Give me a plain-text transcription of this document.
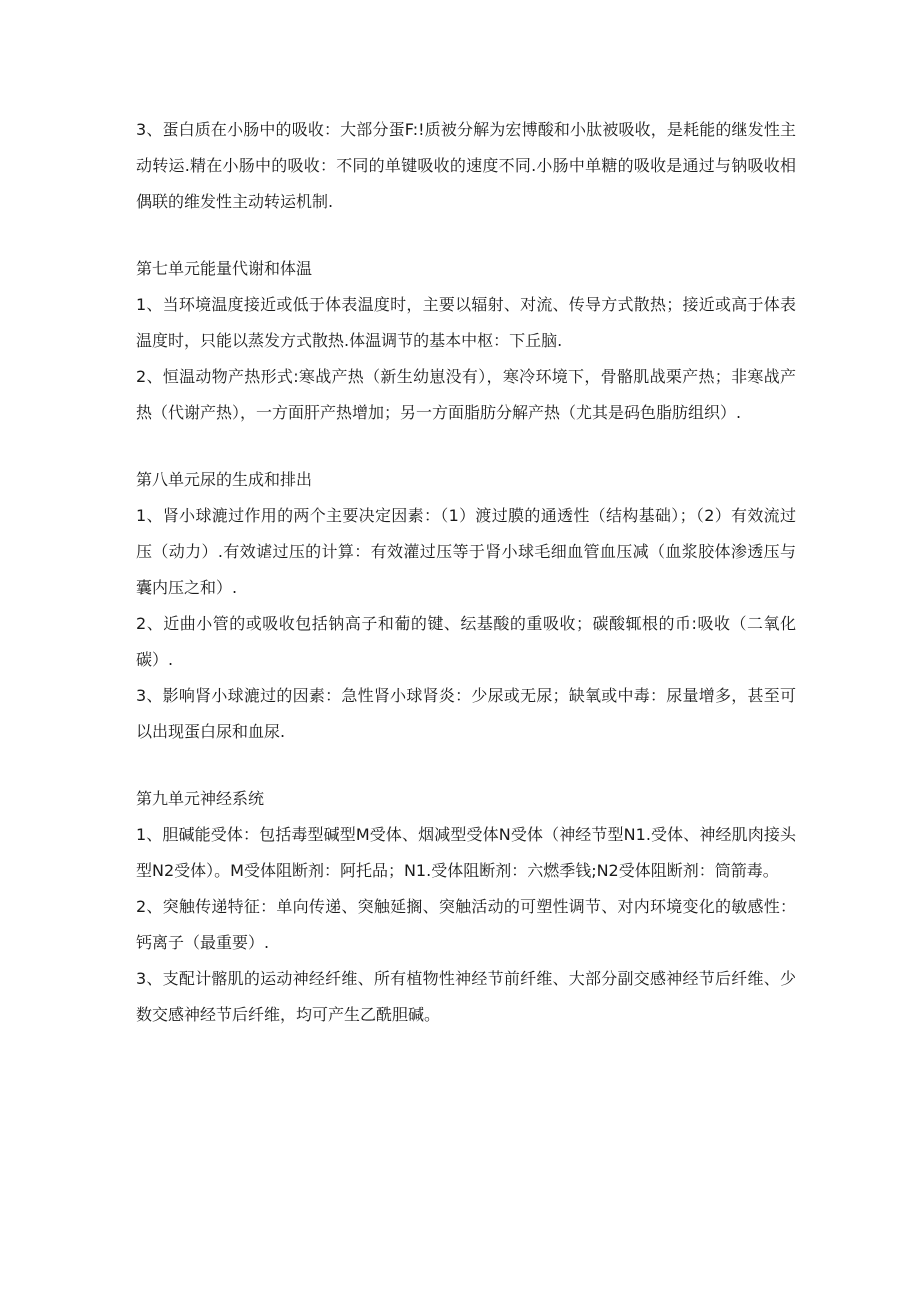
3、蛋白质在小肠中的吸收：大部分蛋F:!质被分解为宏博酸和小肽被吸收，是耗能的继发性主动转运.精在小肠中的吸收：不同的单键吸收的速度不同.小肠中单糖的吸收是通过与钠吸收相偶联的维发性主动转运机制.

第七单元能量代谢和体温

1、当环境温度接近或低于体表温度时，主要以辐射、对流、传导方式散热；接近或高于体表温度时，只能以蒸发方式散热.体温调节的基本中枢：下丘脑.

2、恒温动物产热形式:寒战产热（新生幼崽没有），寒冷环境下，骨骼肌战栗产热；非寒战产热（代谢产热），一方面肝产热增加；另一方面脂肪分解产热（尤其是码色脂肪组织）.

第八单元尿的生成和排出

1、肾小球漉过作用的两个主要决定因素：（1）渡过膜的通透性（结构基础）；（2）有效流过压（动力）.有效谑过压的计算：有效灌过压等于肾小球毛细血管血压减（血浆胶体渗透压与囊内压之和）.

2、近曲小管的或吸收包括钠高子和葡的键、纭基酸的重吸收；碳酸辄根的币:吸收（二氧化碳）.

3、影响肾小球漉过的因素：急性肾小球肾炎：少尿或无尿；缺氧或中毒：尿量增多，甚至可以出现蛋白尿和血尿.

第九单元神经系统

1、胆碱能受体：包括毒型碱型M受体、烟减型受体N受体（神经节型N1.受体、神经肌肉接头型N2受体）。M受体阻断剂：阿托品；N1.受体阻断剂：六燃季钱;N2受体阻断剂：筒箭毒。

2、突触传递特征：单向传递、突触延搁、突触活动的可塑性调节、对内环境变化的敏感性：钙离子（最重要）.

3、支配计髂肌的运动神经纤维、所有植物性神经节前纤维、大部分副交感神经节后纤维、少数交感神经节后纤维，均可产生乙酰胆碱。
